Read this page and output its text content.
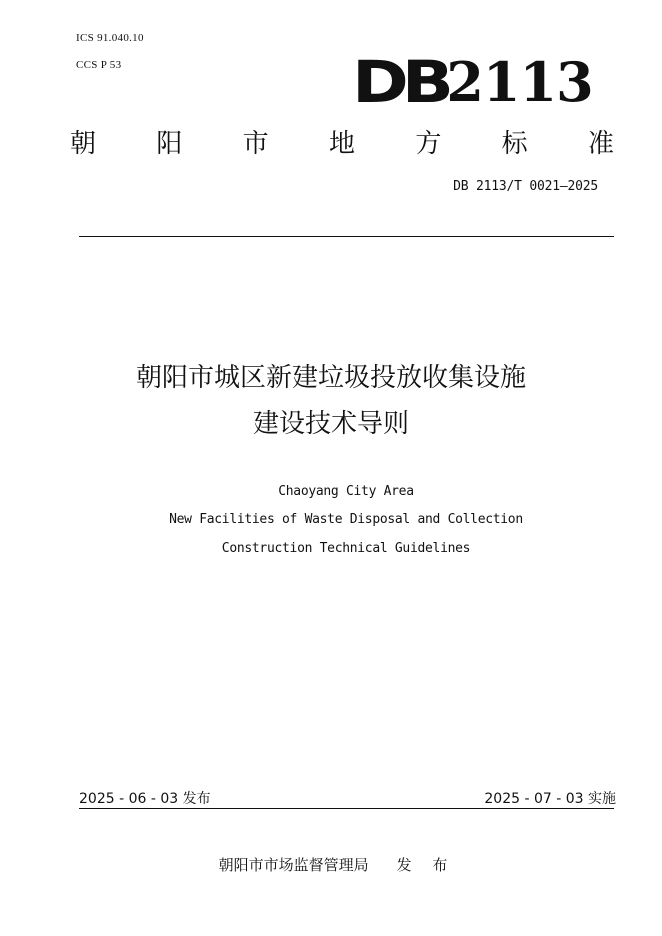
ICS 91.040.10
CCS P 53	DB 2113
朝 阳 市 地 方 标 准
DB 2113/T 0021—2025
朝阳市城区新建垃圾投放收集设施
建设技术导则
Chaoyang City Area
New Facilities of Waste Disposal and Collection
Construction Technical Guidelines
2025 - 06 - 03 发布	2025 - 07 - 03 实施
朝阳市市场监督管理局 发 布
